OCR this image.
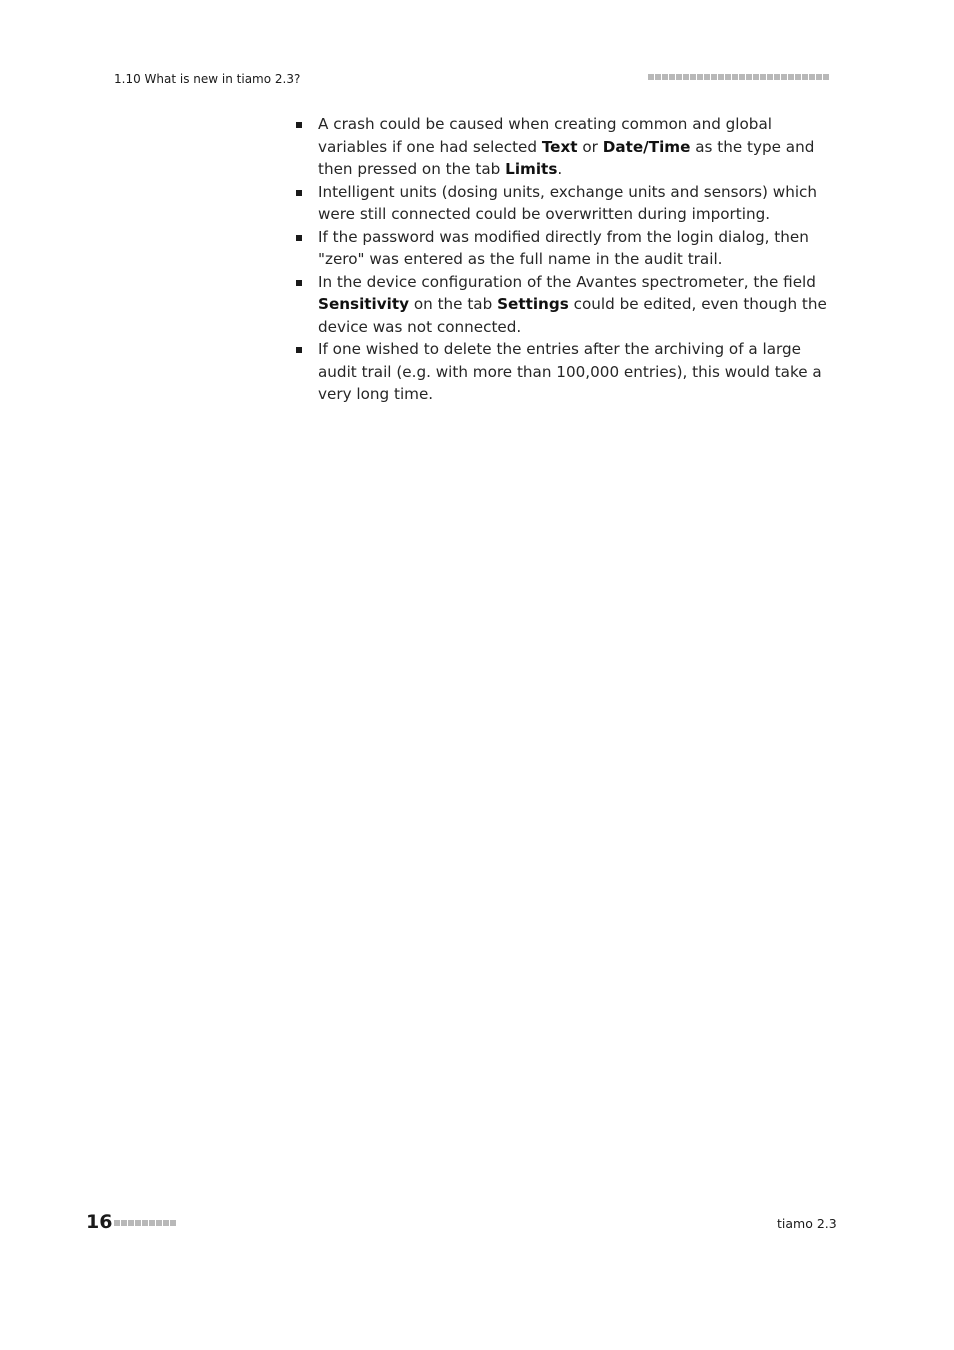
1.10 What is new in tiamo 2.3?
A crash could be caused when creating common and global variables if one had selected Text or Date/Time as the type and then pressed on the tab Limits.
Intelligent units (dosing units, exchange units and sensors) which were still connected could be overwritten during importing.
If the password was modified directly from the login dialog, then "zero" was entered as the full name in the audit trail.
In the device configuration of the Avantes spectrometer, the field Sensitivity on the tab Settings could be edited, even though the device was not connected.
If one wished to delete the entries after the archiving of a large audit trail (e.g. with more than 100,000 entries), this would take a very long time.
16	tiamo 2.3
